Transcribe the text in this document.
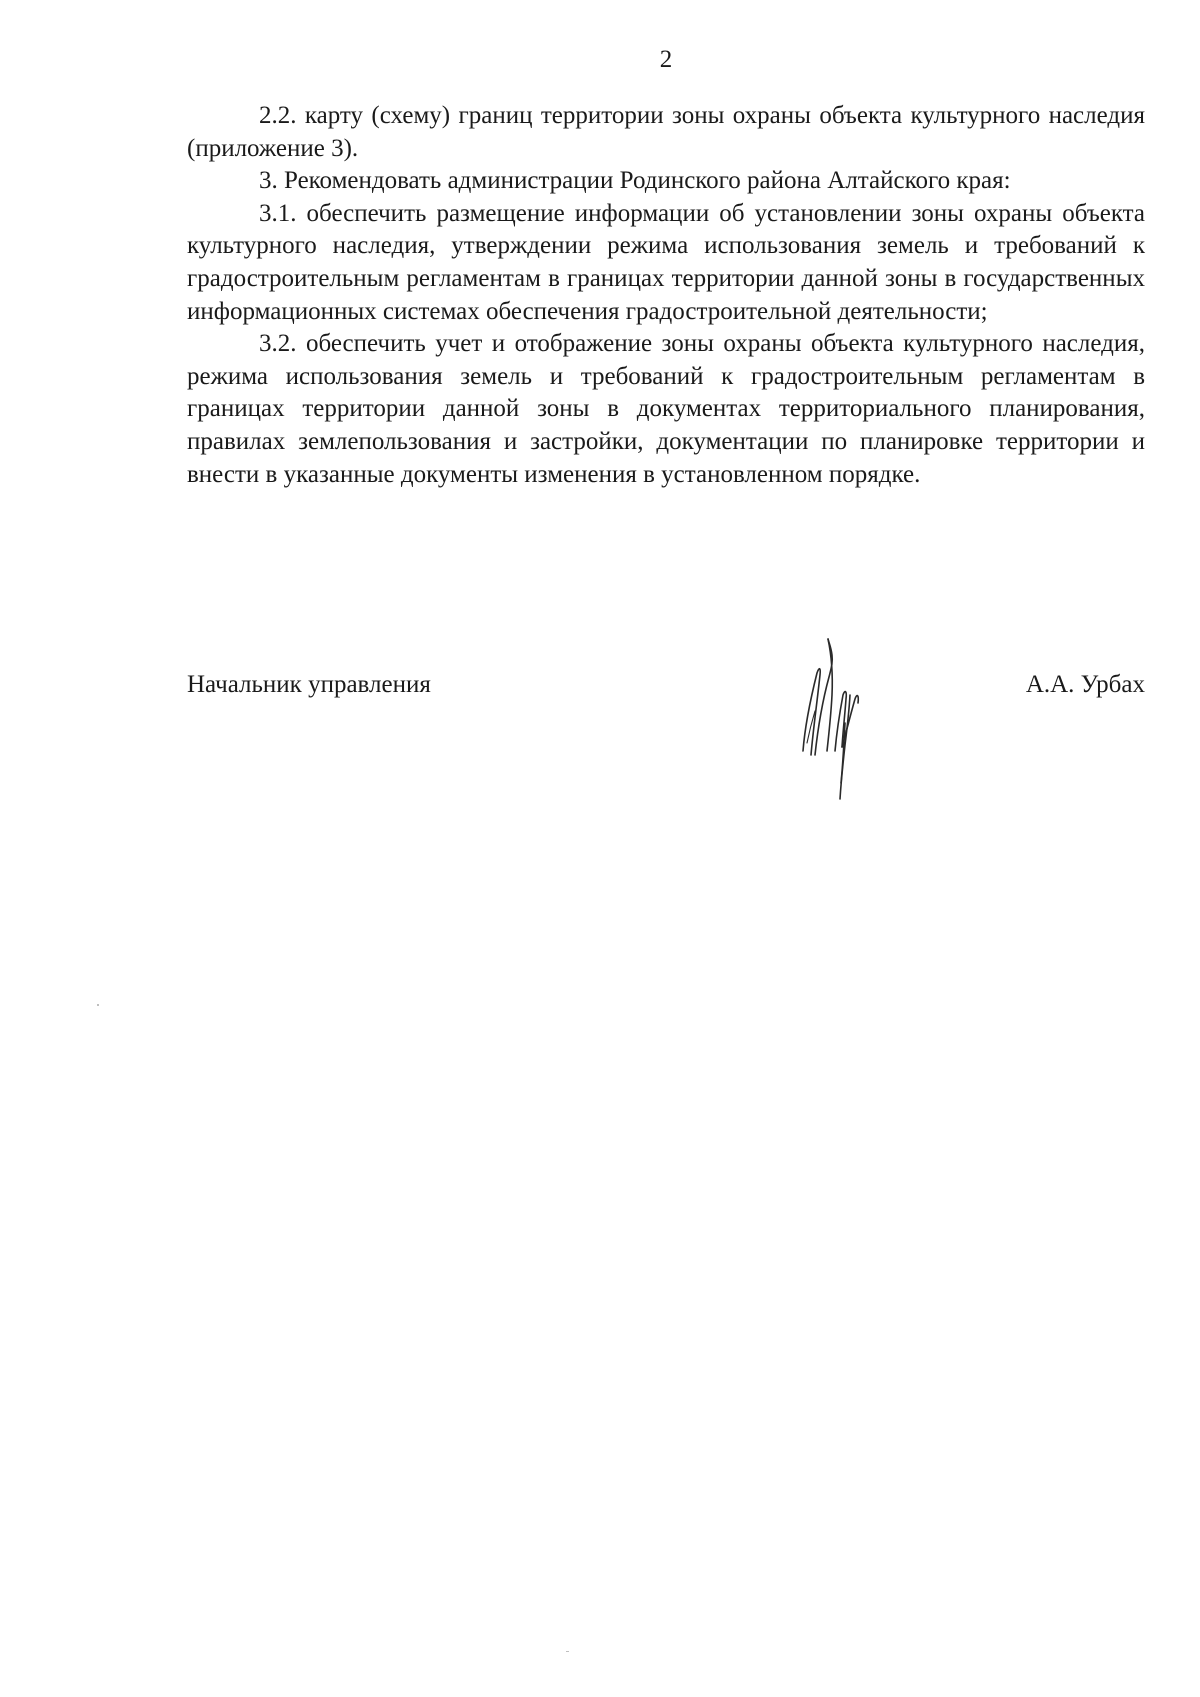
2

2.2. карту (схему) границ территории зоны охраны объекта культурного наследия (приложение 3).

3. Рекомендовать администрации Родинского района Алтайского края:

3.1. обеспечить размещение информации об установлении зоны охраны объекта культурного наследия, утверждении режима использования земель и требований к градостроительным регламентам в границах территории данной зоны в государственных информационных системах обеспечения градостроительной деятельности;

3.2. обеспечить учет и отображение зоны охраны объекта культурного наследия, режима использования земель и требований к градостроительным регламентам в границах территории данной зоны в документах территориального планирования, правилах землепользования и застройки, документации по планировке территории и внести в указанные документы изменения в установленном порядке.

Начальник управления	А.А. Урбах
